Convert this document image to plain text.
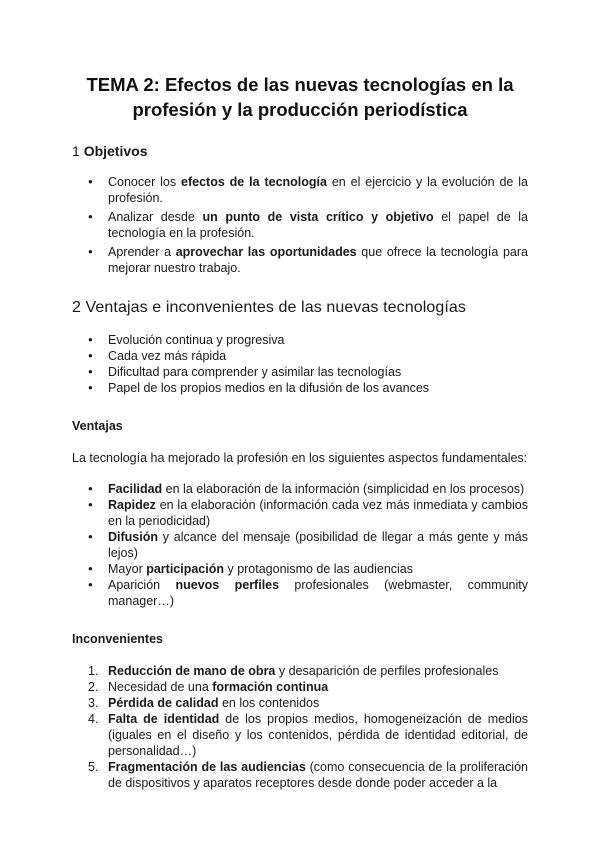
TEMA 2: Efectos de las nuevas tecnologías en la
profesión y la producción periodística
1 Objetivos
● Conocer los efectos de la tecnología en el ejercicio y la evolución de la profesión.
● Analizar desde un punto de vista crítico y objetivo el papel de la tecnología en la profesión.
● Aprender a aprovechar las oportunidades que ofrece la tecnología para mejorar nuestro trabajo.
2 Ventajas e inconvenientes de las nuevas tecnologías
● Evolución continua y progresiva
● Cada vez más rápida
● Dificultad para comprender y asimilar las tecnologías
● Papel de los propios medios en la difusión de los avances
Ventajas

La tecnología ha mejorado la profesión en los siguientes aspectos fundamentales:

● Facilidad en la elaboración de la información (simplicidad en los procesos)
● Rapidez en la elaboración (información cada vez más inmediata y cambios en la periodicidad)
● Difusión y alcance del mensaje (posibilidad de llegar a más gente y más lejos)
● Mayor participación y protagonismo de las audiencias
● Aparición nuevos perfiles profesionales (webmaster, community manager…)
Inconvenientes
1. Reducción de mano de obra y desaparición de perfiles profesionales
2. Necesidad de una formación continua
3. Pérdida de calidad en los contenidos
4. Falta de identidad de los propios medios, homogeneización de medios (iguales en el diseño y los contenidos, pérdida de identidad editorial, de personalidad…)
5. Fragmentación de las audiencias (como consecuencia de la proliferación de dispositivos y aparatos receptores desde donde poder acceder a la
